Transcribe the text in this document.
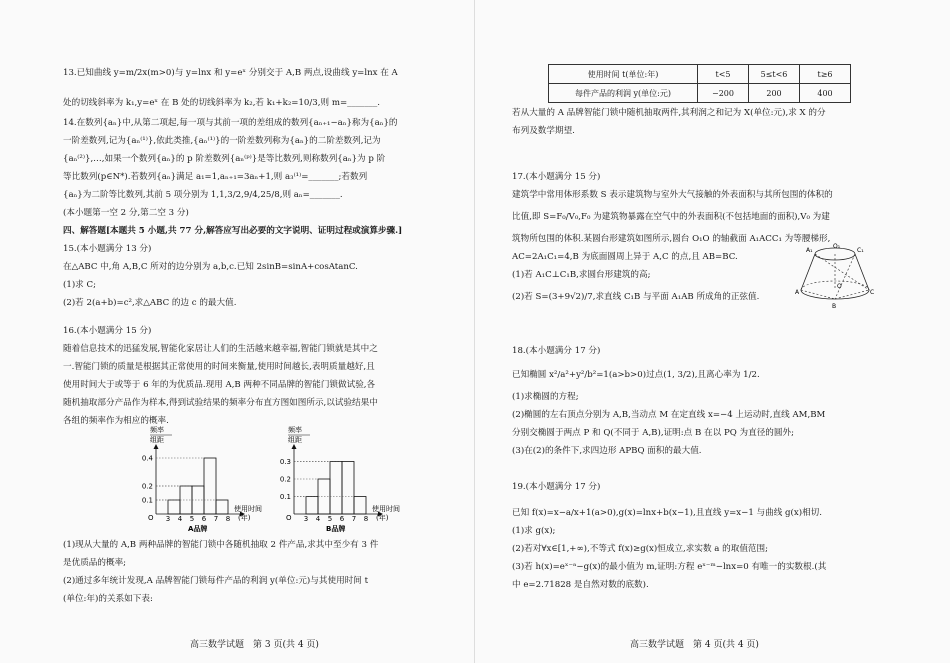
13.已知曲线 y=m/2x(m>0)与 y=lnx 和 y=eˣ 分别交于 A,B 两点,设曲线 y=lnx 在 A
处的切线斜率为 k₁,y=eˣ 在 B 处的切线斜率为 k₂,若 k₁+k₂=10/3,则 m=_______.
14.在数列{aₙ}中,从第二项起,每一项与其前一项的差组成的数列{aₙ₊₁−aₙ}称为{aₙ}的
一阶差数列,记为{aₙ⁽¹⁾},依此类推,{aₙ⁽¹⁾}的一阶差数列称为{aₙ}的二阶差数列,记为
{aₙ⁽²⁾},…,如果一个数列{aₙ}的 p 阶差数列{aₙ⁽ᵖ⁾}是等比数列,则称数列{aₙ}为 p 阶
等比数列(p∈N*).若数列{aₙ}满足 a₁=1,aₙ₊₁=3aₙ+1,则 a₃⁽¹⁾=_______;若数列
{aₙ}为二阶等比数列,其前 5 项分别为 1,1,3/2,9/4,25/8,则 aₙ=_______.
(本小题第一空 2 分,第二空 3 分)
四、解答题[本题共 5 小题,共 77 分,解答应写出必要的文字说明、证明过程或演算步骤.]
15.(本小题满分 13 分)
在△ABC 中,角 A,B,C 所对的边分别为 a,b,c.已知 2sinB=sinA+cosAtanC.
(1)求 C;
(2)若 2(a+b)=c²,求△ABC 的边 c 的最大值.
16.(本小题满分 15 分)
随着信息技术的迅猛发展,智能化家居让人们的生活越来越幸福,智能门锁就是其中之
一.智能门锁的质量是根据其正常使用的时间来衡量,使用时间越长,表明质量越好,且
使用时间大于或等于 6 年的为优质品.现用 A,B 两种不同品牌的智能门锁做试验,各
随机抽取部分产品作为样本,得到试验结果的频率分布直方图如图所示,以试验结果中
各组的频率作为相应的概率.
频率
组距
0.1
0.2
0.4
3 4 5 6 7 8
O
使用时间
(年)
A品牌
频率
组距
0.1
0.2
0.3
3 4 5 6 7 8
O
使用时间
(年)
B品牌
(1)现从大量的 A,B 两种品牌的智能门锁中各随机抽取 2 件产品,求其中至少有 3 件
是优质品的概率;
(2)通过多年统计发现,A 品牌智能门锁每件产品的利润 y(单位:元)与其使用时间 t
(单位:年)的关系如下表:
高三数学试题　第 3 页(共 4 页)
使用时间 t(单位:年)	t<5	5≤t<6	t≥6
每件产品的利润 y(单位:元)	−200	200	400
若从大量的 A 品牌智能门锁中随机抽取两件,其利润之和记为 X(单位:元),求 X 的分
布列及数学期望.
17.(本小题满分 15 分)
建筑学中常用体形系数 S 表示建筑物与室外大气接触的外表面积与其所包围的体积的
比值,即 S=F₀/V₀,F₀ 为建筑物暴露在空气中的外表面积(不包括地面的面积),V₀ 为建
筑物所包围的体积.某圆台形建筑如图所示,圆台 O₁O 的轴截面 A₁ACC₁ 为等腰梯形,
AC=2A₁C₁=4,B 为底面圆周上异于 A,C 的点,且 AB=BC.
(1)若 A₁C⊥C₁B,求圆台形建筑的高;
(2)若 S=(3+9√2)/7,求直线 C₁B 与平面 A₁AB 所成角的正弦值.
A₁
O₁
C₁
A
O
B
C
18.(本小题满分 17 分)
已知椭圆 x²/a²+y²/b²=1(a>b>0)过点(1, 3/2),且离心率为 1/2.
(1)求椭圆的方程;
(2)椭圆的左右顶点分别为 A,B,当动点 M 在定直线 x=−4 上运动时,直线 AM,BM
分别交椭圆于两点 P 和 Q(不同于 A,B),证明:点 B 在以 PQ 为直径的圆外;
(3)在(2)的条件下,求四边形 APBQ 面积的最大值.
19.(本小题满分 17 分)
已知 f(x)=x−a/x+1(a>0),g(x)=lnx+b(x−1),且直线 y=x−1 与曲线 g(x)相切.
(1)求 g(x);
(2)若对∀x∈[1,+∞),不等式 f(x)≥g(x)恒成立,求实数 a 的取值范围;
(3)若 h(x)=eˣ⁻ᵃ−g(x)的最小值为 m,证明:方程 eˣ⁻ᵐ−lnx=0 有唯一的实数根.(其
中 e=2.71828 是自然对数的底数).
高三数学试题　第 4 页(共 4 页)
